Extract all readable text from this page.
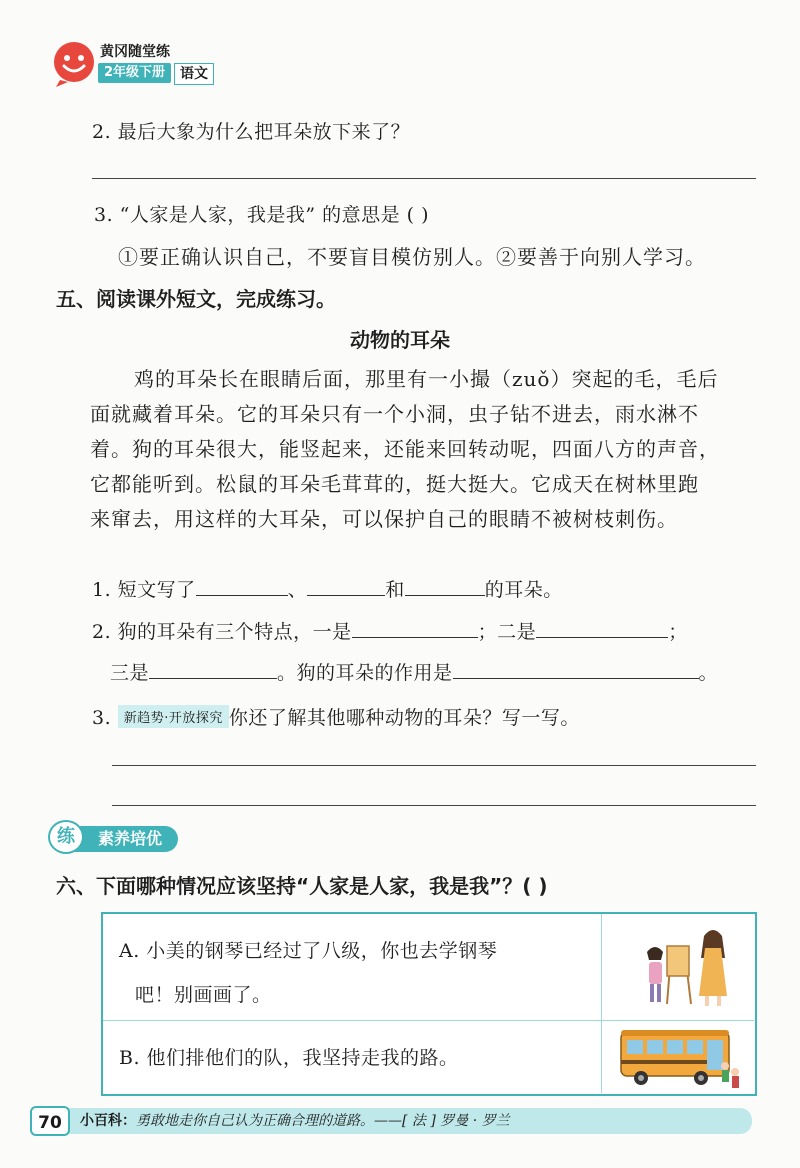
黄冈随堂练
2年级下册	语文
2. 最后大象为什么把耳朵放下来了？
3. “人家是人家，我是我” 的意思是 ( )
①要正确认识自己，不要盲目模仿别人。②要善于向别人学习。
五、阅读课外短文，完成练习。
动物的耳朵
鸡的耳朵长在眼睛后面，那里有一小撮（zuǒ）突起的毛，毛后
面就藏着耳朵。它的耳朵只有一个小洞，虫子钻不进去，雨水淋不
着。狗的耳朵很大，能竖起来，还能来回转动呢，四面八方的声音，
它都能听到。松鼠的耳朵毛茸茸的，挺大挺大。它成天在树林里跑
来窜去，用这样的大耳朵，可以保护自己的眼睛不被树枝刺伤。
1. 短文写了	、	和	的耳朵。
2. 狗的耳朵有三个特点，一是	；二是	；
三是	。狗的耳朵的作用是	。
3. 新趋势·开放探究 你还了解其他哪种动物的耳朵？写一写。
素养培优
练
六、下面哪种情况应该坚持“人家是人家，我是我”？( )
A. 小美的钢琴已经过了八级，你也去学钢琴
吧！别画画了。
B. 他们排他们的队，我坚持走我的路。
70	小百科：勇敢地走你自己认为正确合理的道路。——[ 法 ] 罗曼 · 罗兰
